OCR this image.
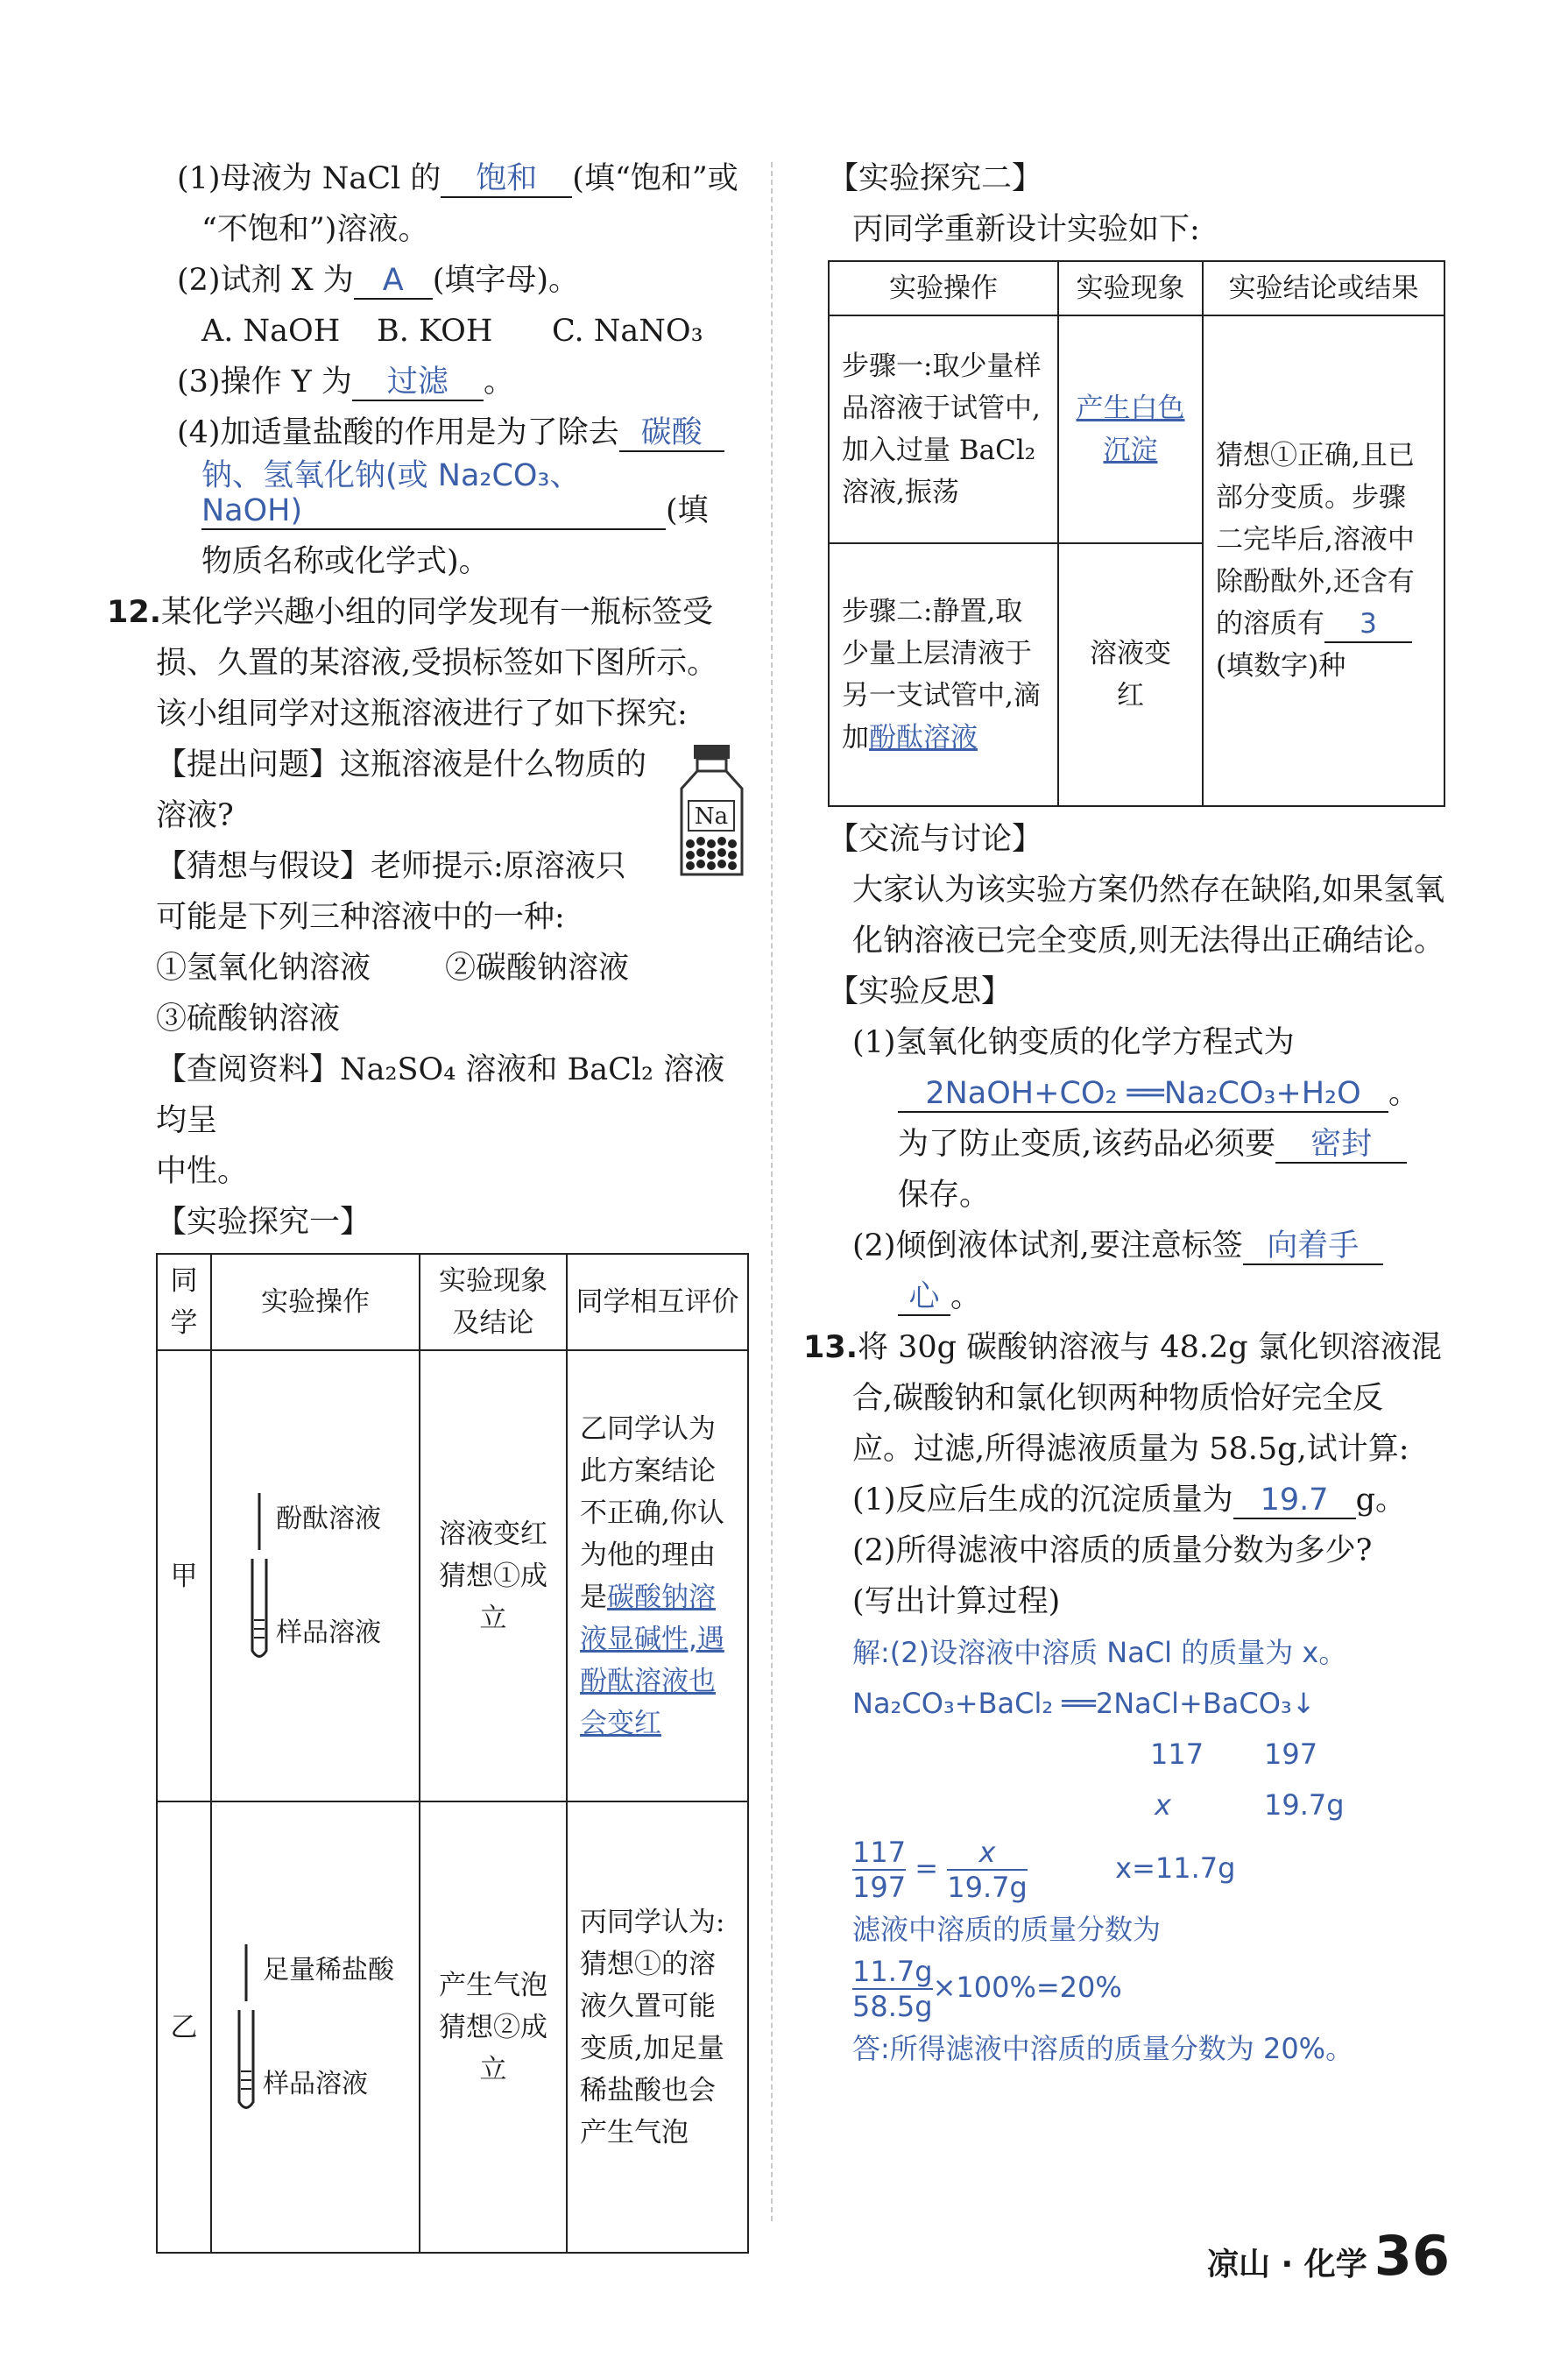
(1)母液为 NaCl 的 饱和 (填“饱和”或

“不饱和”)溶液。

(2)试剂 X 为 A (填字母)。

A. NaOH B. KOH C. NaNO₃

(3)操作 Y 为 过滤 。

(4)加适量盐酸的作用是为了除去 碳酸

钠、氢氧化钠(或 Na₂CO₃、NaOH)	(填

物质名称或化学式)。

12.某化学兴趣小组的同学发现有一瓶标签受

损、久置的某溶液,受损标签如下图所示。

该小组同学对这瓶溶液进行了如下探究:

Na

【提出问题】这瓶溶液是什么物质的

溶液?

【猜想与假设】老师提示:原溶液只

可能是下列三种溶液中的一种:

①氢氧化钠溶液 ②碳酸钠溶液

③硫酸钠溶液

【查阅资料】Na₂SO₄ 溶液和 BaCl₂ 溶液均呈

中性。

【实验探究一】

同学	实验操作	实验现象及结论	同学相互评价
甲	酚酞溶液
样品溶液	溶液变红猜想①成立	乙同学认为此方案结论不正确,你认为他的理由是碳酸钠溶液显碱性,遇酚酞溶液也会变红
乙	足量稀盐酸
样品溶液	产生气泡猜想②成立	丙同学认为:猜想①的溶液久置可能变质,加足量稀盐酸也会产生气泡

【实验探究二】

丙同学重新设计实验如下:

实验操作	实验现象	实验结论或结果
步骤一:取少量样品溶液于试管中,加入过量 BaCl₂ 溶液,振荡	产生白色沉淀	猜想①正确,且已部分变质。步骤二完毕后,溶液中除酚酞外,还含有的溶质有 3(填数字)种
步骤二:静置,取少量上层清液于另一支试管中,滴加酚酞溶液	溶液变红	

【交流与讨论】

大家认为该实验方案仍然存在缺陷,如果氢氧化钠溶液已完全变质,则无法得出正确结论。

【实验反思】

(1)氢氧化钠变质的化学方程式为

2NaOH+CO₂ ══Na₂CO₃+H₂O 。

为了防止变质,该药品必须要 密封

保存。

(2)倾倒液体试剂,要注意标签 向着手

心 。

13.将 30g 碳酸钠溶液与 48.2g 氯化钡溶液混

合,碳酸钠和氯化钡两种物质恰好完全反

应。过滤,所得滤液质量为 58.5g,试计算:

(1)反应后生成的沉淀质量为 19.7 g。

(2)所得滤液中溶质的质量分数为多少?

(写出计算过程)

解:(2)设溶液中溶质 NaCl 的质量为 x。
Na₂CO₃+BaCl₂ ══2NaCl+BaCO₃↓
117 197
x	19.7g
$\frac{117}{197} = \frac{x}{19.7g}$	x=11.7g
滤液中溶质的质量分数为
$\frac{11.7g}{58.5g} \times 100\%=20\%$
答:所得滤液中溶质的质量分数为 20%。
凉山 · 化学 36
